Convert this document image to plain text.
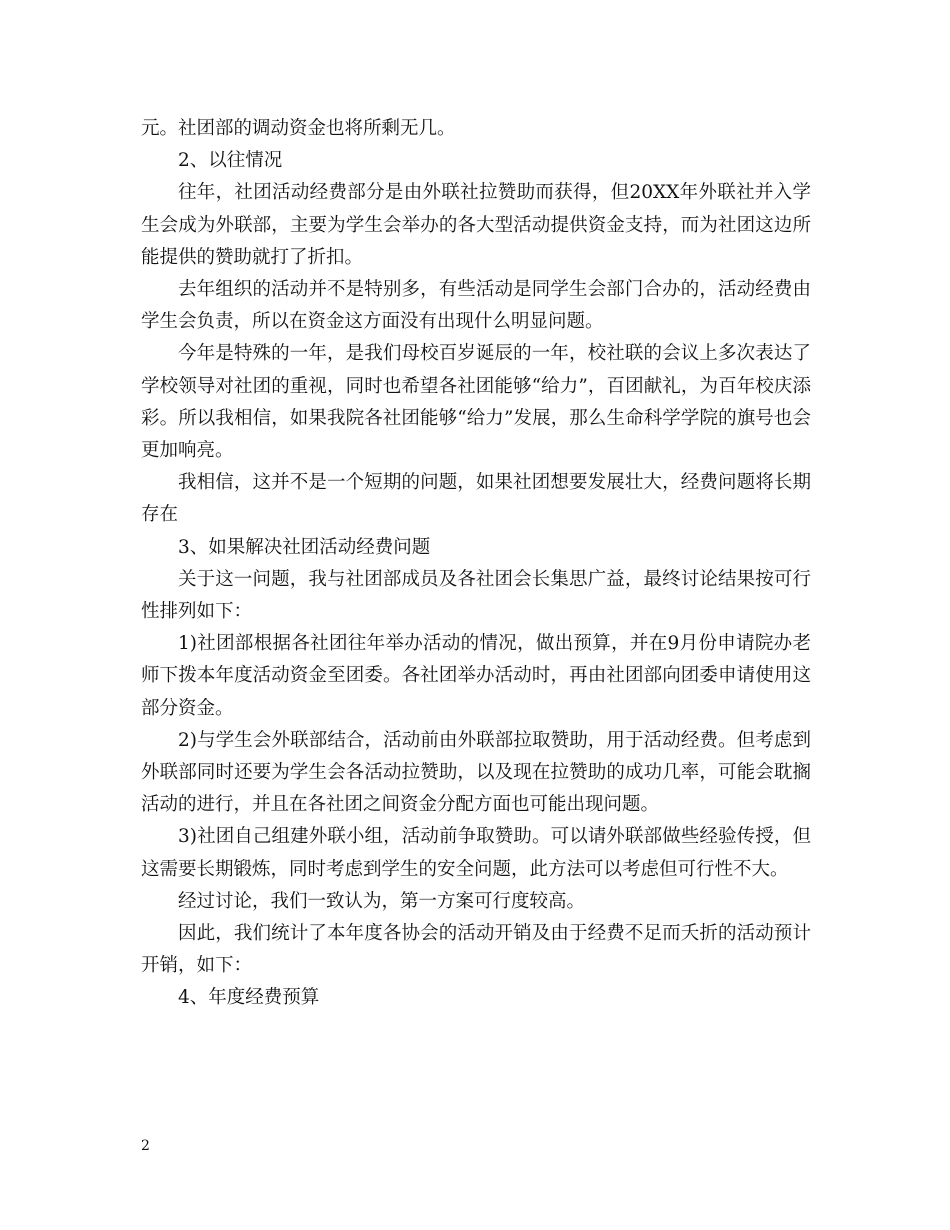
元。社团部的调动资金也将所剩无几。

2、以往情况

往年，社团活动经费部分是由外联社拉赞助而获得，但20XX年外联社并入学生会成为外联部，主要为学生会举办的各大型活动提供资金支持，而为社团这边所能提供的赞助就打了折扣。

去年组织的活动并不是特别多，有些活动是同学生会部门合办的，活动经费由学生会负责，所以在资金这方面没有出现什么明显问题。

今年是特殊的一年，是我们母校百岁诞辰的一年，校社联的会议上多次表达了学校领导对社团的重视，同时也希望各社团能够“给力”，百团献礼，为百年校庆添彩。所以我相信，如果我院各社团能够“给力”发展，那么生命科学学院的旗号也会更加响亮。

我相信，这并不是一个短期的问题，如果社团想要发展壮大，经费问题将长期存在

3、如果解决社团活动经费问题

关于这一问题，我与社团部成员及各社团会长集思广益，最终讨论结果按可行性排列如下：

1)社团部根据各社团往年举办活动的情况，做出预算，并在9月份申请院办老师下拨本年度活动资金至团委。各社团举办活动时，再由社团部向团委申请使用这部分资金。

2)与学生会外联部结合，活动前由外联部拉取赞助，用于活动经费。但考虑到外联部同时还要为学生会各活动拉赞助，以及现在拉赞助的成功几率，可能会耽搁活动的进行，并且在各社团之间资金分配方面也可能出现问题。

3)社团自己组建外联小组，活动前争取赞助。可以请外联部做些经验传授，但这需要长期锻炼，同时考虑到学生的安全问题，此方法可以考虑但可行性不大。

经过讨论，我们一致认为，第一方案可行度较高。

因此，我们统计了本年度各协会的活动开销及由于经费不足而夭折的活动预计开销，如下：

4、年度经费预算

2
